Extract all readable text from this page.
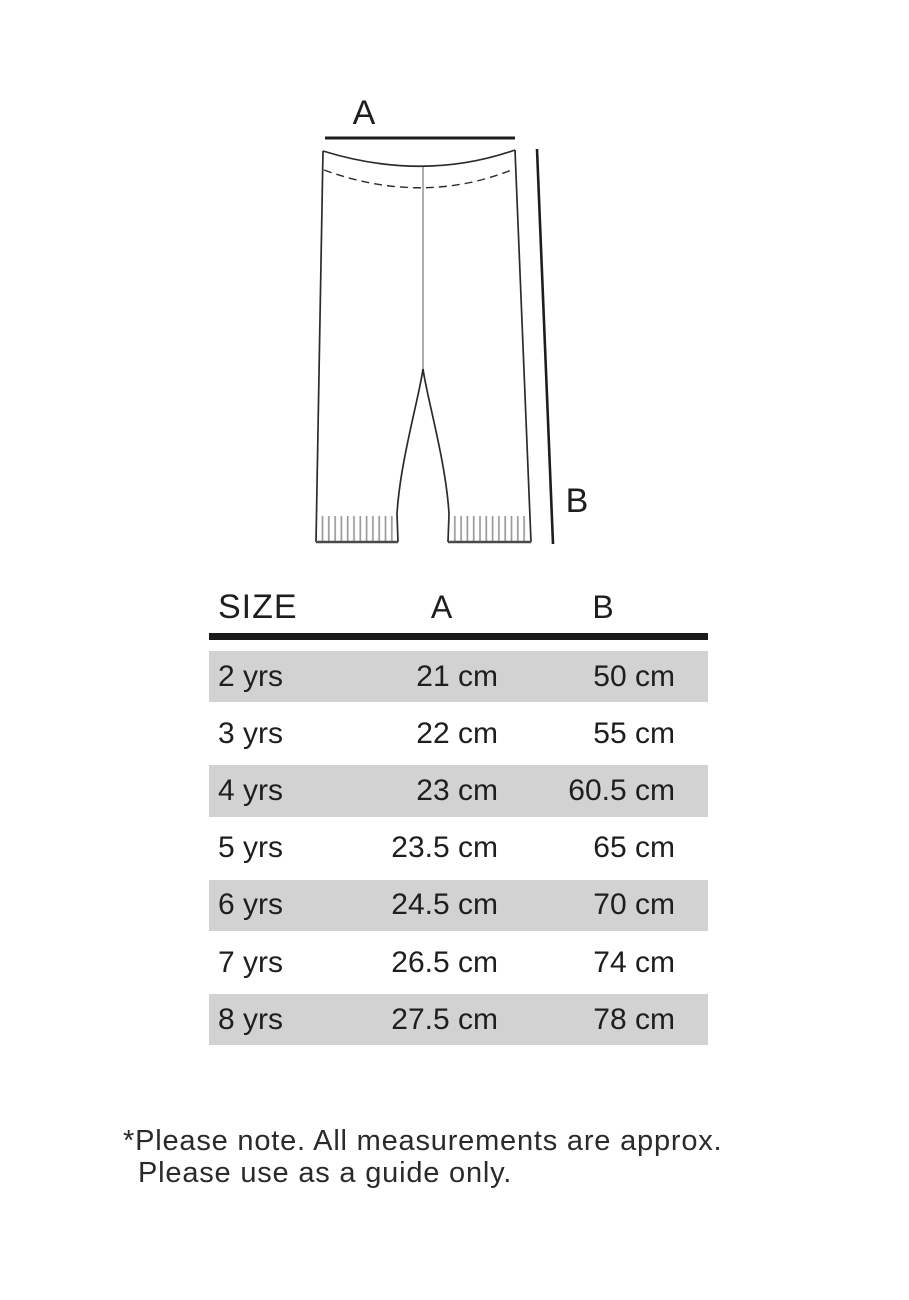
A
B
SIZE	A	B
2 yrs	21 cm	50 cm
3 yrs	22 cm	55 cm
4 yrs	23 cm	60.5 cm
5 yrs	23.5 cm	65 cm
6 yrs	24.5 cm	70 cm
7 yrs	26.5 cm	74 cm
8 yrs	27.5 cm	78 cm
*Please note. All measurements are approx.
Please use as a guide only.
